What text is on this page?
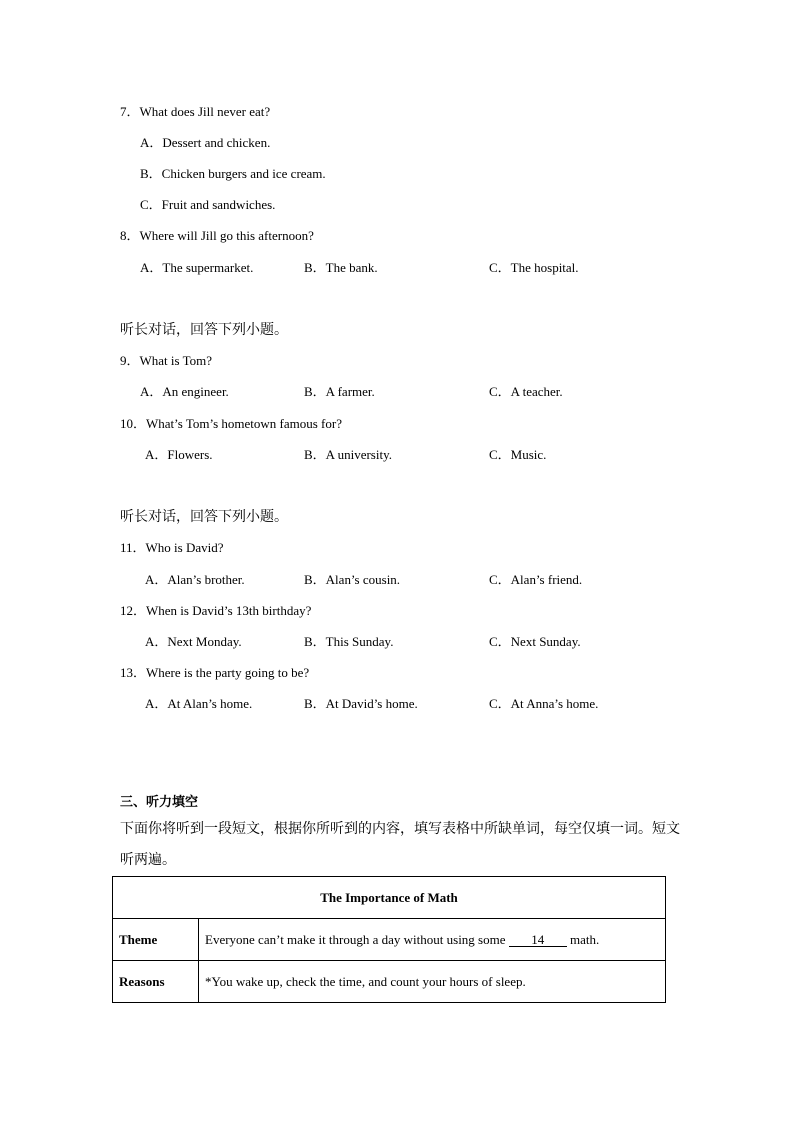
7．What does Jill never eat?
A．Dessert and chicken.
B．Chicken burgers and ice cream.
C．Fruit and sandwiches.
8．Where will Jill go this afternoon?
A．The supermarket.	B．The bank.	C．The hospital.
听长对话，回答下列小题。
9．What is Tom?
A．An engineer.	B．A farmer.	C．A teacher.
10．What’s Tom’s hometown famous for?
A．Flowers.	B．A university.	C．Music.
听长对话，回答下列小题。
11．Who is David?
A．Alan’s brother.	B．Alan’s cousin.	C．Alan’s friend.
12．When is David’s 13th birthday?
A．Next Monday.	B．This Sunday.	C．Next Sunday.
13．Where is the party going to be?
A．At Alan’s home.	B．At David’s home.	C．At Anna’s home.
三、听力填空
下面你将听到一段短文，根据你所听到的内容，填写表格中所缺单词，每空仅填一词。短文
听两遍。
The Importance of Math	
Theme	Everyone can’t make it through a day without using some 14 math.
Reasons	*You wake up, check the time, and count your hours of sleep.
